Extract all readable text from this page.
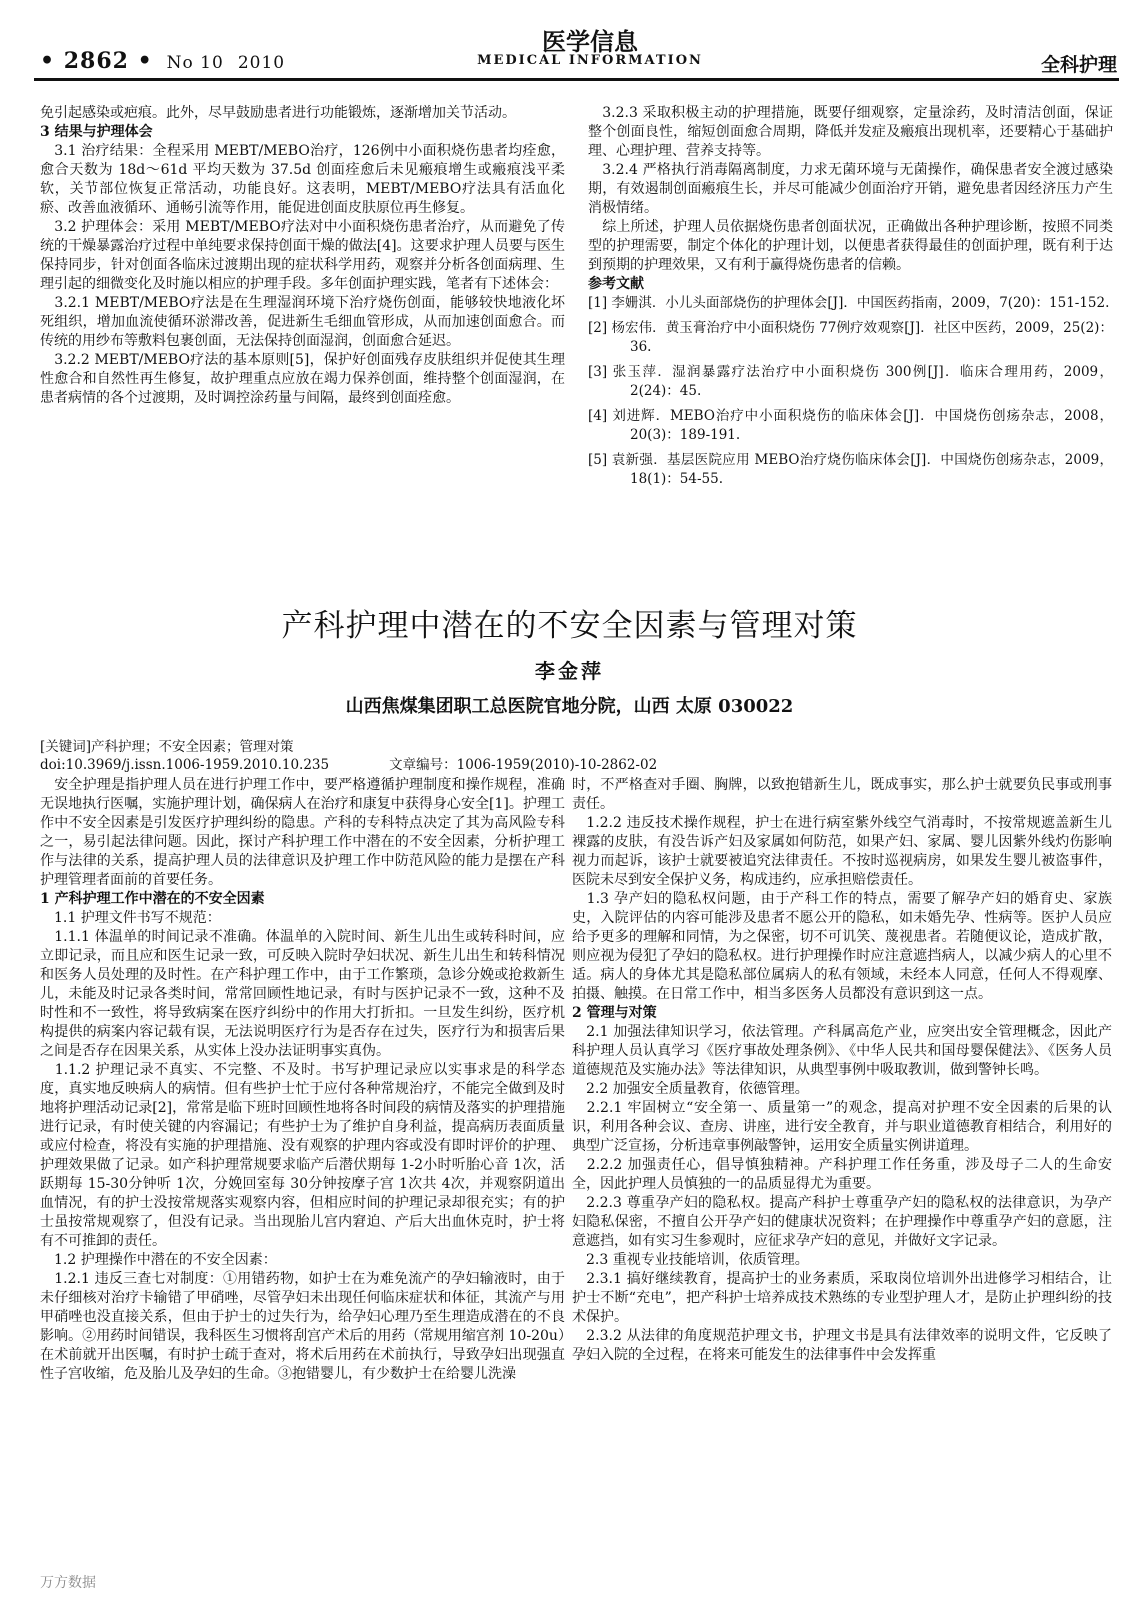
• 2862 • No 10 2010
医学信息
MEDICAL INFORMATION	全科护理

免引起感染或疤痕。此外，尽早鼓励患者进行功能锻炼，逐渐增加关节活动。

3 结果与护理体会

　3.1 治疗结果：全程采用 MEBT/MEBO治疗，126例中小面积烧伤患者均痊愈，愈合天数为 18d～61d 平均天数为 37.5d 创面痊愈后未见瘢痕增生或瘢痕浅平柔软，关节部位恢复正常活动，功能良好。这表明，MEBT/MEBO疗法具有活血化瘀、改善血液循环、通畅引流等作用，能促进创面皮肤原位再生修复。

　3.2 护理体会：采用 MEBT/MEBO疗法对中小面积烧伤患者治疗，从而避免了传统的干燥暴露治疗过程中单纯要求保持创面干燥的做法[4]。这要求护理人员要与医生保持同步，针对创面各临床过渡期出现的症状科学用药，观察并分析各创面病理、生理引起的细微变化及时施以相应的护理手段。多年创面护理实践，笔者有下述体会：

　3.2.1 MEBT/MEBO疗法是在生理湿润环境下治疗烧伤创面，能够较快地液化坏死组织，增加血流使循环淤滞改善，促进新生毛细血管形成，从而加速创面愈合。而传统的用纱布等敷料包裹创面，无法保持创面湿润，创面愈合延迟。

　3.2.2 MEBT/MEBO疗法的基本原则[5]，保护好创面残存皮肤组织并促使其生理性愈合和自然性再生修复，故护理重点应放在竭力保养创面，维持整个创面湿润，在患者病情的各个过渡期，及时调控涂药量与间隔，最终到创面痊愈。

　3.2.3 采取积极主动的护理措施，既要仔细观察，定量涂药，及时清洁创面，保证整个创面良性，缩短创面愈合周期，降低并发症及瘢痕出现机率，还要精心于基础护理、心理护理、营养支持等。

　3.2.4 严格执行消毒隔离制度，力求无菌环境与无菌操作，确保患者安全渡过感染期，有效遏制创面瘢痕生长，并尽可能减少创面治疗开销，避免患者因经济压力产生消极情绪。

　综上所述，护理人员依据烧伤患者创面状况，正确做出各种护理诊断，按照不同类型的护理需要，制定个体化的护理计划，以便患者获得最佳的创面护理，既有利于达到预期的护理效果，又有利于赢得烧伤患者的信赖。

参考文献

[1] 李姗淇．小儿头面部烧伤的护理体会[J]．中国医药指南，2009，7(20)：151-152.

[2] 杨宏伟．黄玉膏治疗中小面积烧伤 77例疗效观察[J]．社区中医药，2009，25(2)：36.

[3] 张玉萍．湿润暴露疗法治疗中小面积烧伤 300例[J]．临床合理用药，2009，2(24)：45.

[4] 刘进辉．MEBO治疗中小面积烧伤的临床体会[J]．中国烧伤创疡杂志，2008，20(3)：189-191.

[5] 袁新强．基层医院应用 MEBO治疗烧伤临床体会[J]．中国烧伤创疡杂志，2009，18(1)：54-55.

产科护理中潜在的不安全因素与管理对策
李金萍
山西焦煤集团职工总医院官地分院，山西 太原 030022
[关键词]产科护理；不安全因素；管理对策
doi:10.3969/j.issn.1006-1959.2010.10.235	文章编号：1006-1959(2010)-10-2862-02

　安全护理是指护理人员在进行护理工作中，要严格遵循护理制度和操作规程，准确无误地执行医嘱，实施护理计划，确保病人在治疗和康复中获得身心安全[1]。护理工作中不安全因素是引发医疗护理纠纷的隐患。产科的专科特点决定了其为高风险专科之一，易引起法律问题。因此，探讨产科护理工作中潜在的不安全因素，分析护理工作与法律的关系，提高护理人员的法律意识及护理工作中防范风险的能力是摆在产科护理管理者面前的首要任务。

1 产科护理工作中潜在的不安全因素

　1.1 护理文件书写不规范：

　1.1.1 体温单的时间记录不准确。体温单的入院时间、新生儿出生或转科时间，应立即记录，而且应和医生记录一致，可反映入院时孕妇状况、新生儿出生和转科情况和医务人员处理的及时性。在产科护理工作中，由于工作繁琐，急诊分娩或抢救新生儿，未能及时记录各类时间，常常回顾性地记录，有时与医护记录不一致，这种不及时性和不一致性，将导致病案在医疗纠纷中的作用大打折扣。一旦发生纠纷，医疗机构提供的病案内容记载有误，无法说明医疗行为是否存在过失，医疗行为和损害后果之间是否存在因果关系，从实体上没办法证明事实真伪。

　1.1.2 护理记录不真实、不完整、不及时。书写护理记录应以实事求是的科学态度，真实地反映病人的病情。但有些护士忙于应付各种常规治疗，不能完全做到及时地将护理活动记录[2]，常常是临下班时回顾性地将各时间段的病情及落实的护理措施进行记录，有时使关键的内容漏记；有些护士为了维护自身利益，提高病历表面质量或应付检查，将没有实施的护理措施、没有观察的护理内容或没有即时评价的护理、护理效果做了记录。如产科护理常规要求临产后潜伏期每 1-2小时听胎心音 1次，活跃期每 15-30分钟听 1次，分娩回室每 30分钟按摩子宫 1次共 4次，并观察阴道出血情况，有的护士没按常规落实观察内容，但相应时间的护理记录却很充实；有的护士虽按常规观察了，但没有记录。当出现胎儿宫内窘迫、产后大出血休克时，护士将有不可推卸的责任。

　1.2 护理操作中潜在的不安全因素：

　1.2.1 违反三查七对制度：①用错药物，如护士在为难免流产的孕妇输液时，由于未仔细核对治疗卡输错了甲硝唑，尽管孕妇未出现任何临床症状和体征，其流产与用甲硝唑也没直接关系，但由于护士的过失行为，给孕妇心理乃至生理造成潜在的不良影响。②用药时间错误，我科医生习惯将刮宫产术后的用药（常规用缩宫剂 10-20u）在术前就开出医嘱，有时护士疏于查对，将术后用药在术前执行，导致孕妇出现强直性子宫收缩，危及胎儿及孕妇的生命。③抱错婴儿，有少数护士在给婴儿洗澡

时，不严格查对手圈、胸牌，以致抱错新生儿，既成事实，那么护士就要负民事或刑事责任。

　1.2.2 违反技术操作规程，护士在进行病室紫外线空气消毒时，不按常规遮盖新生儿裸露的皮肤，有没告诉产妇及家属如何防范，如果产妇、家属、婴儿因紫外线灼伤影响视力而起诉，该护士就要被追究法律责任。不按时巡视病房，如果发生婴儿被盗事件，医院未尽到安全保护义务，构成违约，应承担赔偿责任。

　1.3 孕产妇的隐私权问题，由于产科工作的特点，需要了解孕产妇的婚育史、家族史，入院评估的内容可能涉及患者不愿公开的隐私，如未婚先孕、性病等。医护人员应给予更多的理解和同情，为之保密，切不可讥笑、蔑视患者。若随便议论，造成扩散，则应视为侵犯了孕妇的隐私权。进行护理操作时应注意遮挡病人，以减少病人的心里不适。病人的身体尤其是隐私部位属病人的私有领域，未经本人同意，任何人不得观摩、拍摄、触摸。在日常工作中，相当多医务人员都没有意识到这一点。

2 管理与对策

　2.1 加强法律知识学习，依法管理。产科属高危产业，应突出安全管理概念，因此产科护理人员认真学习《医疗事故处理条例》、《中华人民共和国母婴保健法》、《医务人员道德规范及实施办法》等法律知识，从典型事例中吸取教训，做到警钟长鸣。

　2.2 加强安全质量教育，依德管理。

　2.2.1 牢固树立“安全第一、质量第一”的观念，提高对护理不安全因素的后果的认识，利用各种会议、查房、讲座，进行安全教育，并与职业道德教育相结合，利用好的典型广泛宣扬，分析违章事例敲警钟，运用安全质量实例讲道理。

　2.2.2 加强责任心，倡导慎独精神。产科护理工作任务重，涉及母子二人的生命安全，因此护理人员慎独的一的品质显得尤为重要。

　2.2.3 尊重孕产妇的隐私权。提高产科护士尊重孕产妇的隐私权的法律意识，为孕产妇隐私保密，不擅自公开孕产妇的健康状况资料；在护理操作中尊重孕产妇的意愿，注意遮挡，如有实习生参观时，应征求孕产妇的意见，并做好文字记录。

　2.3 重视专业技能培训，依质管理。

　2.3.1 搞好继续教育，提高护士的业务素质，采取岗位培训外出进修学习相结合，让护士不断“充电”，把产科护士培养成技术熟练的专业型护理人才，是防止护理纠纷的技术保护。

　2.3.2 从法律的角度规范护理文书，护理文书是具有法律效率的说明文件，它反映了孕妇入院的全过程，在将来可能发生的法律事件中会发挥重

万方数据
